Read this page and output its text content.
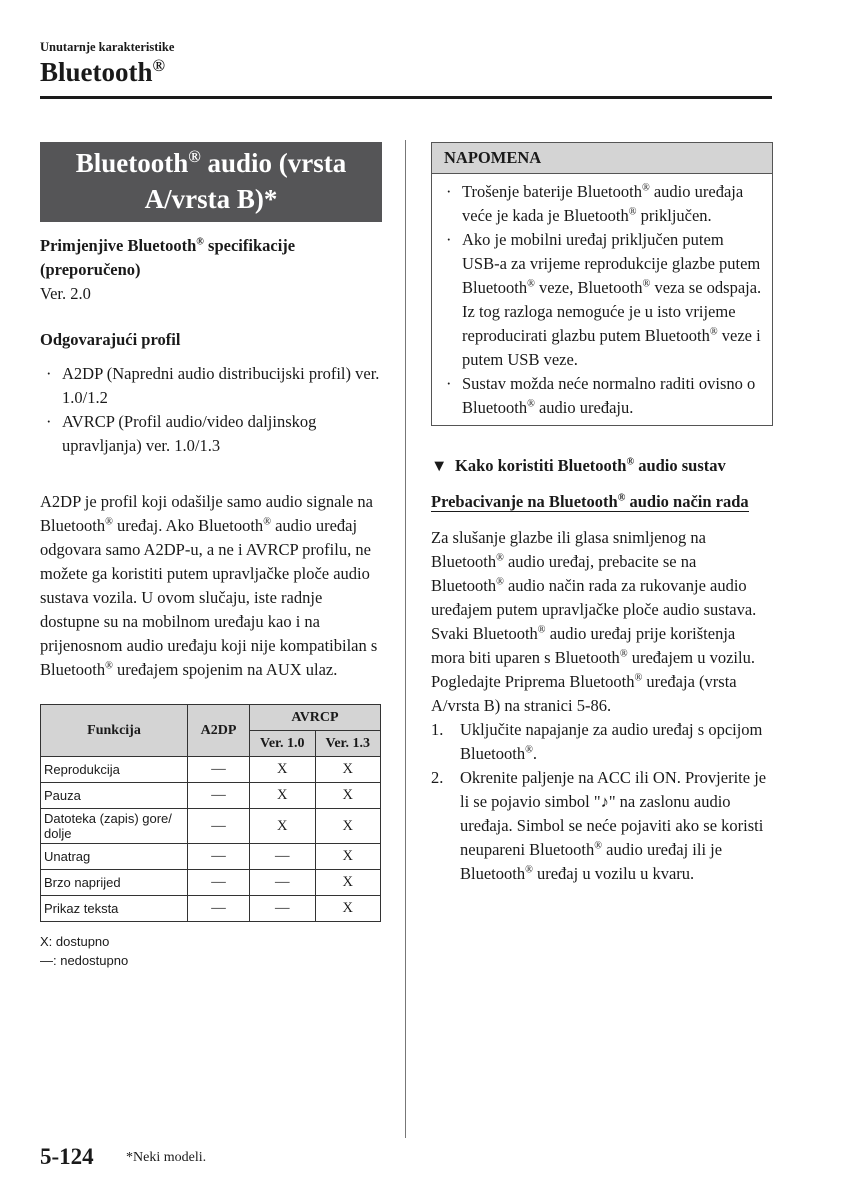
Unutarnje karakteristike
Bluetooth®
Bluetooth® audio (vrsta A/vrsta B)*
Primjenjive Bluetooth® specifikacije (preporučeno)
Ver. 2.0
Odgovarajući profil
· A2DP (Napredni audio distribucijski profil) ver. 1.0/1.2
· AVRCP (Profil audio/video daljinskog upravljanja) ver. 1.0/1.3
A2DP je profil koji odašilje samo audio signale na Bluetooth® uređaj. Ako Bluetooth® audio uređaj odgovara samo A2DP-u, a ne i AVRCP profilu, ne možete ga koristiti putem upravljačke ploče audio sustava vozila. U ovom slučaju, iste radnje dostupne su na mobilnom uređaju kao i na prijenosnom audio uređaju koji nije kompatibilan s Bluetooth® uređajem spojenim na AUX ulaz.
Funkcija	A2DP	AVRCP	
		Ver. 1.0	Ver. 1.3
Reprodukcija	—	X	X
Pauza	—	X	X
Datoteka (zapis) gore/ dolje	—	X	X
Unatrag	—	—	X
Brzo naprijed	—	—	X
Prikaz teksta	—	—	X
X: dostupno
—: nedostupno
NAPOMENA
· Trošenje baterije Bluetooth® audio uređaja veće je kada je Bluetooth® priključen.
· Ako je mobilni uređaj priključen putem USB-a za vrijeme reprodukcije glazbe putem Bluetooth® veze, Bluetooth® veza se odspaja. Iz tog razloga nemoguće je u isto vrijeme reproducirati glazbu putem Bluetooth® veze i putem USB veze.
· Sustav možda neće normalno raditi ovisno o Bluetooth® audio uređaju.
▼ Kako koristiti Bluetooth® audio sustav
Prebacivanje na Bluetooth® audio način rada
Za slušanje glazbe ili glasa snimljenog na Bluetooth® audio uređaj, prebacite se na Bluetooth® audio način rada za rukovanje audio uređajem putem upravljačke ploče audio sustava. Svaki Bluetooth® audio uređaj prije korištenja mora biti uparen s Bluetooth® uređajem u vozilu.
Pogledajte Priprema Bluetooth® uređaja (vrsta A/vrsta B) na stranici 5-86.
1. Uključite napajanje za audio uređaj s opcijom Bluetooth®.
2. Okrenite paljenje na ACC ili ON. Provjerite je li se pojavio simbol "♪" na zaslonu audio uređaja. Simbol se neće pojaviti ako se koristi neupareni Bluetooth® audio uređaj ili je Bluetooth® uređaj u vozilu u kvaru.
5-124 *Neki modeli.
